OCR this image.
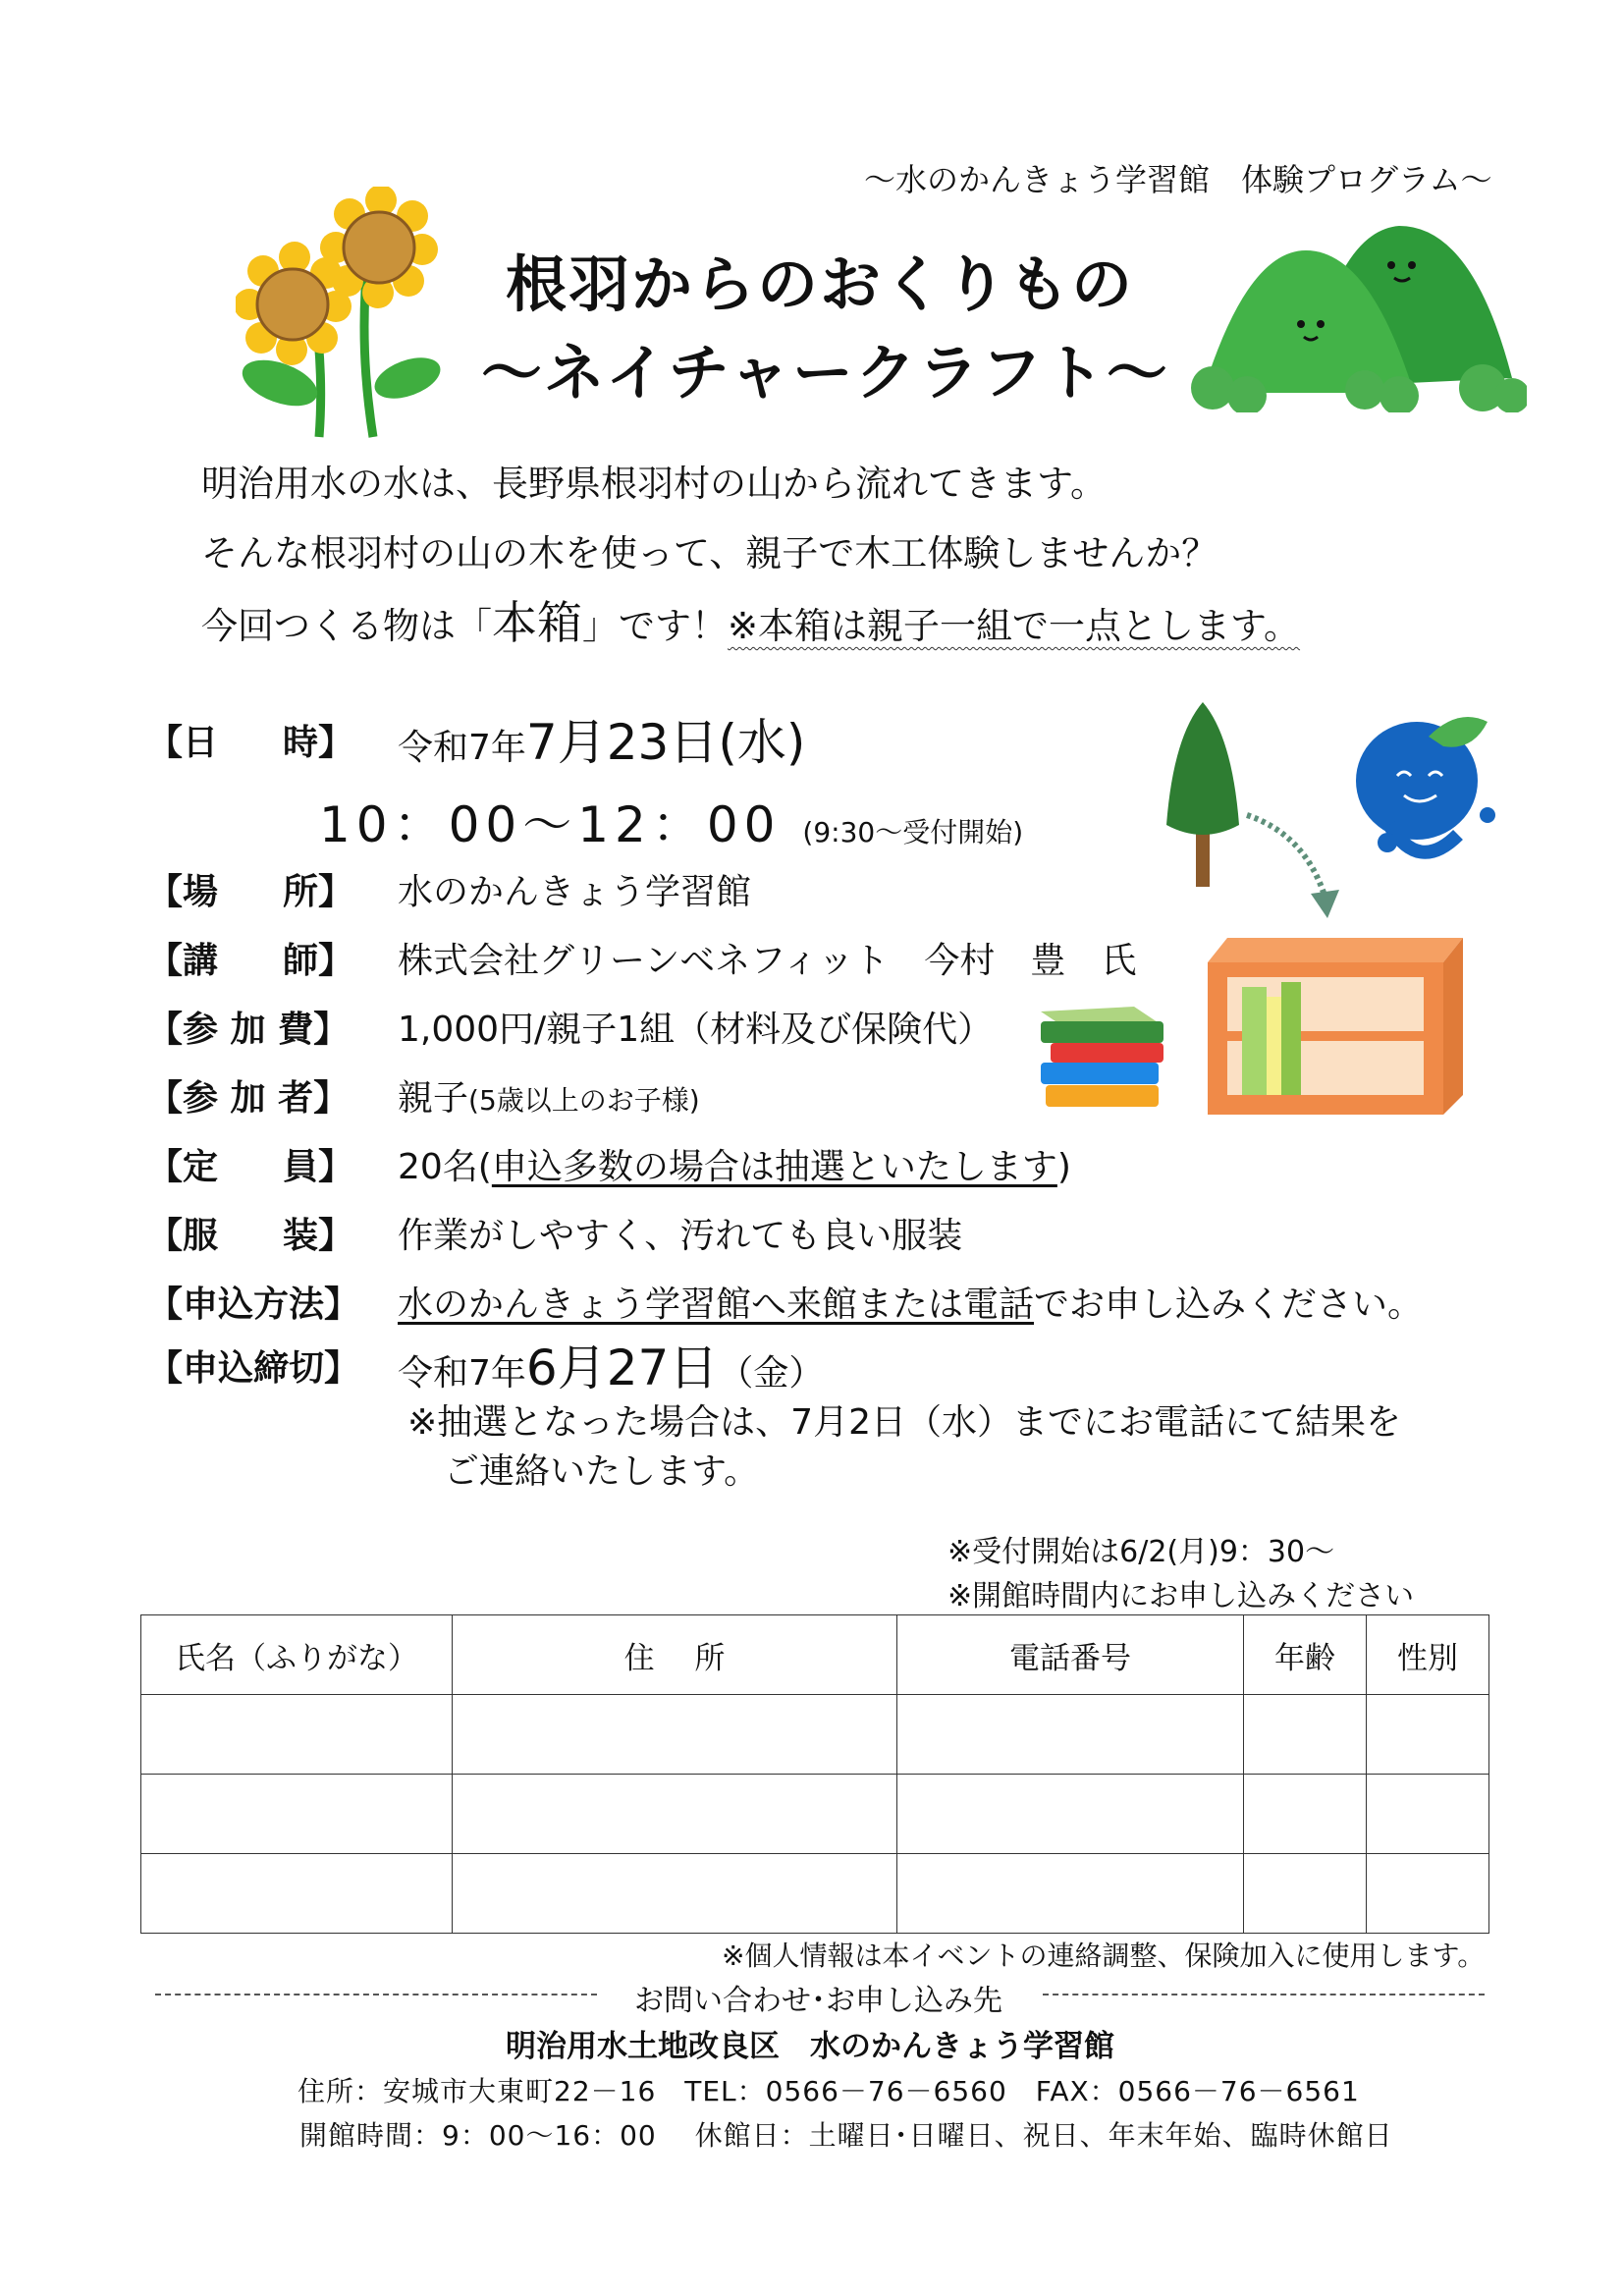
～水のかんきょう学習館　体験プログラム～
根羽からのおくりもの
～ネイチャークラフト～
明治用水の水は、長野県根羽村の山から流れてきます。
そんな根羽村の山の木を使って、親子で木工体験しませんか？
今回つくる物は「本箱」です！※本箱は親子一組で一点とします。
【日 時】 令和7年7月23日(水)
10：00～12：00 (9:30～受付開始)
【場 所】 水のかんきょう学習館
【講 師】 株式会社グリーンベネフィット　今村　豊　氏
【参 加 費】 1,000円/親子1組（材料及び保険代）
【参 加 者】 親子(5歳以上のお子様)
【定 員】 20名(申込多数の場合は抽選といたします)
【服 装】 作業がしやすく、汚れても良い服装
【申込方法】 水のかんきょう学習館へ来館または電話でお申し込みください。
【申込締切】 令和7年6月27日（金）
※抽選となった場合は、7月2日（水）までにお電話にて結果を
ご連絡いたします。
※受付開始は6/2(月)9：30～
※開館時間内にお申し込みください
氏名（ふりがな）	住　 所	電話番号	年齢	性別

※個人情報は本イベントの連絡調整、保険加入に使用します。
お問い合わせ･お申し込み先
明治用水土地改良区　水のかんきょう学習館
住所：安城市大東町22－16　TEL：0566－76－6560　FAX：0566－76－6561
開館時間：9：00～16：00　 休館日：土曜日･日曜日、祝日、年末年始、臨時休館日
